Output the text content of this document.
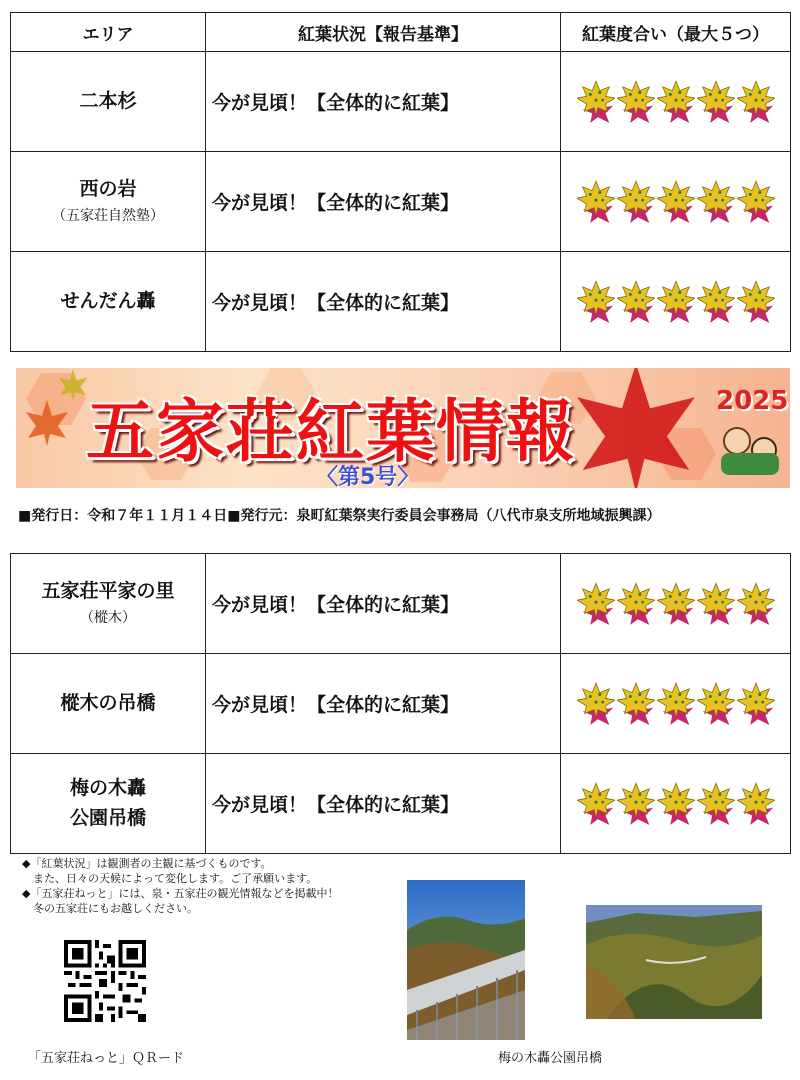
エリア	紅葉状況【報告基準】	紅葉度合い（最大５つ）
二本杉	今が見頃！【全体的に紅葉】	
西の岩
（五家荘自然塾）	今が見頃！【全体的に紅葉】	
せんだん轟	今が見頃！【全体的に紅葉】	
五家荘紅葉情報	2025
〈第5号〉
■発行日：令和７年１１月１４日■発行元：泉町紅葉祭実行委員会事務局（八代市泉支所地域振興課）
五家荘平家の里
（樅木）	今が見頃！【全体的に紅葉】	
樅木の吊橋	今が見頃！【全体的に紅葉】	
梅の木轟
公園吊橋	今が見頃！【全体的に紅葉】	
◆「紅葉状況」は観測者の主観に基づくものです。
　また、日々の天候によって変化します。ご了承願います。
◆「五家荘ねっと」には、泉・五家荘の観光情報などを掲載中！
　冬の五家荘にもお越しください。
「五家荘ねっと」ＱＲード	梅の木轟公園吊橋
